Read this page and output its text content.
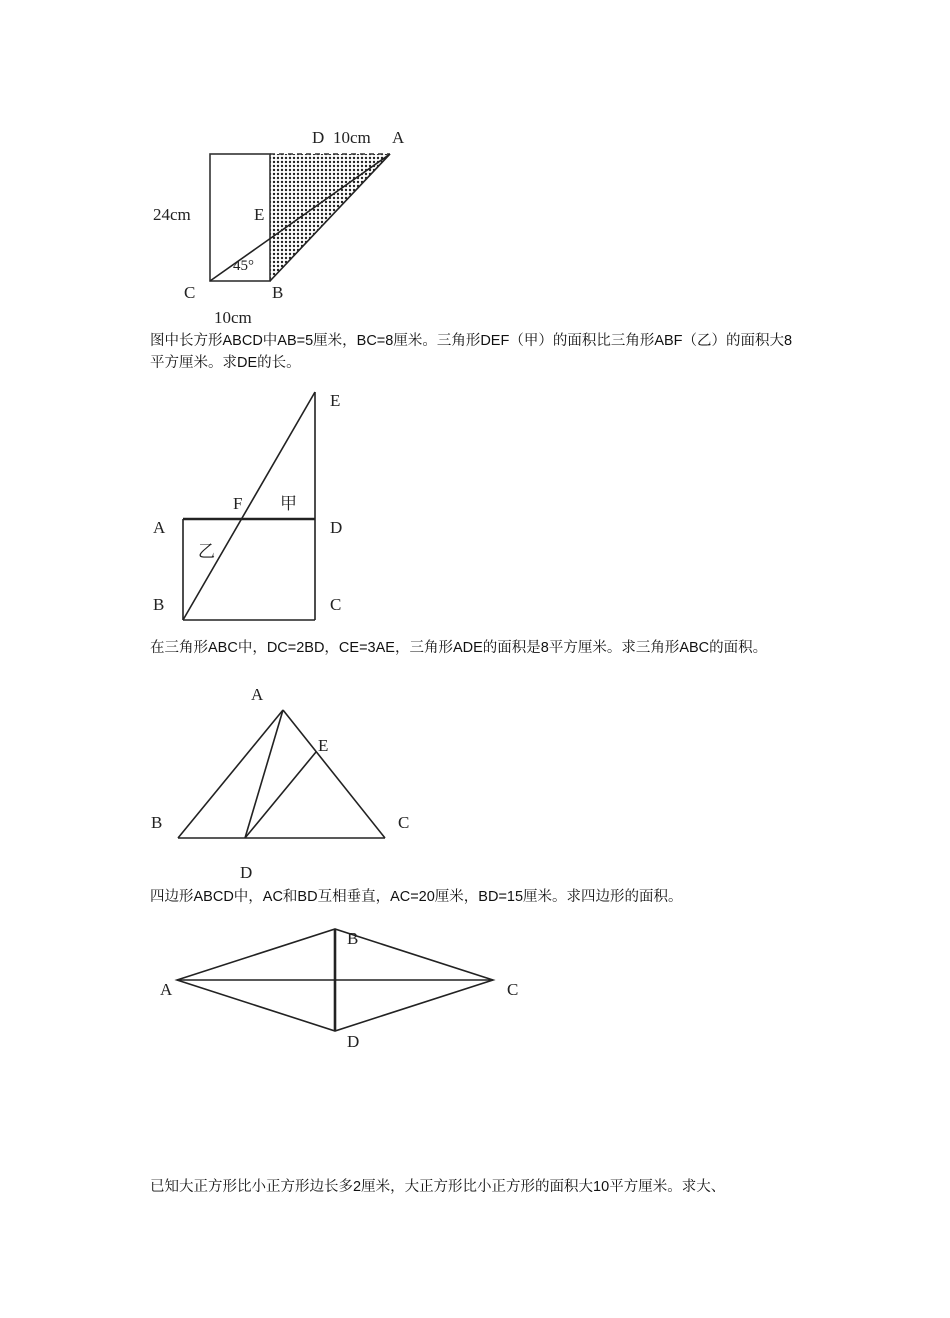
D 10cm A
24cm	E
45°
C	B
10cm

图中长方形ABCD中AB=5厘米，BC=8厘米。三角形DEF（甲）的面积比三角形ABF（乙）的面积大8平方厘米。求DE的长。

E
F 甲
A	D
乙
B	C

在三角形ABC中，DC=2BD，CE=3AE，三角形ADE的面积是8平方厘米。求三角形ABC的面积。

A
E
B	C
D

四边形ABCD中，AC和BD互相垂直，AC=20厘米，BD=15厘米。求四边形的面积。

B
A	C
D

已知大正方形比小正方形边长多2厘米，大正方形比小正方形的面积大10平方厘米。求大、
